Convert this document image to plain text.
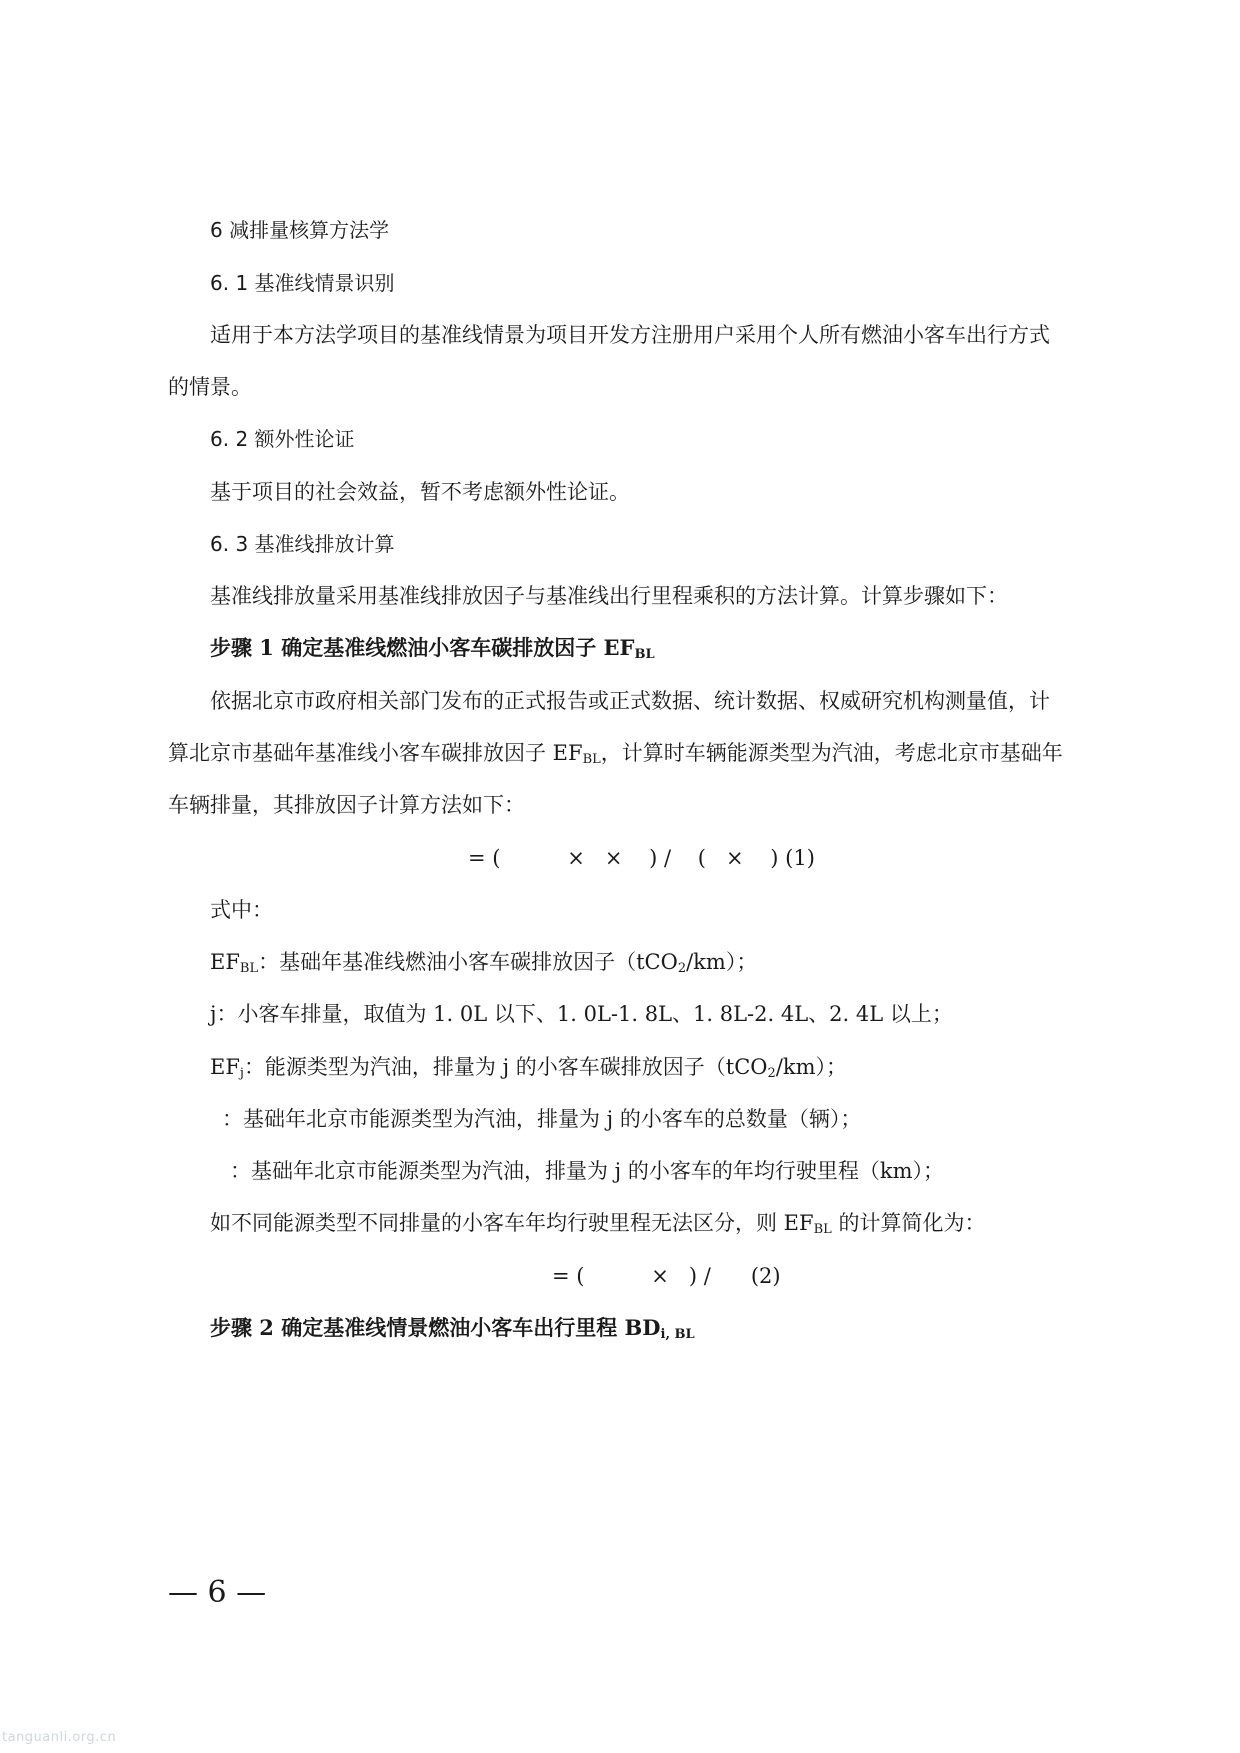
6 减排量核算方法学
6. 1 基准线情景识别
适用于本方法学项目的基准线情景为项目开发方注册用户采用个人所有燃油小客车出行方式
的情景。
6. 2 额外性论证
基于项目的社会效益，暂不考虑额外性论证。
6. 3 基准线排放计算
基准线排放量采用基准线排放因子与基准线出行里程乘积的方法计算。计算步骤如下：
步骤 1 确定基准线燃油小客车碳排放因子 $EF_{BL}$
依据北京市政府相关部门发布的正式报告或正式数据、统计数据、权威研究机构测量值，计
算北京市基础年基准线小客车碳排放因子 $EF_{BL}$，计算时车辆能源类型为汽油，考虑北京市基础年
车辆排量，其排放因子计算方法如下：
= (          ×   ×    ) /    (   ×    ) (1)
式中：
$EF_{BL}$：基础年基准线燃油小客车碳排放因子（tCO$_2$/km）；
j：小客车排量，取值为 1. 0L 以下、1. 0L-1. 8L、1. 8L-2. 4L、2. 4L 以上；
$EF_j$：能源类型为汽油，排量为 j 的小客车碳排放因子（tCO$_2$/km）；
：基础年北京市能源类型为汽油，排量为 j 的小客车的总数量（辆）；
：基础年北京市能源类型为汽油，排量为 j 的小客车的年均行驶里程（km）；
如不同能源类型不同排量的小客车年均行驶里程无法区分，则 $EF_{BL}$ 的计算简化为：
= (          ×   ) /      (2)
步骤 2 确定基准线情景燃油小客车出行里程 $BD_{i, BL}$
— 6 —
tanguanli.org.cn
